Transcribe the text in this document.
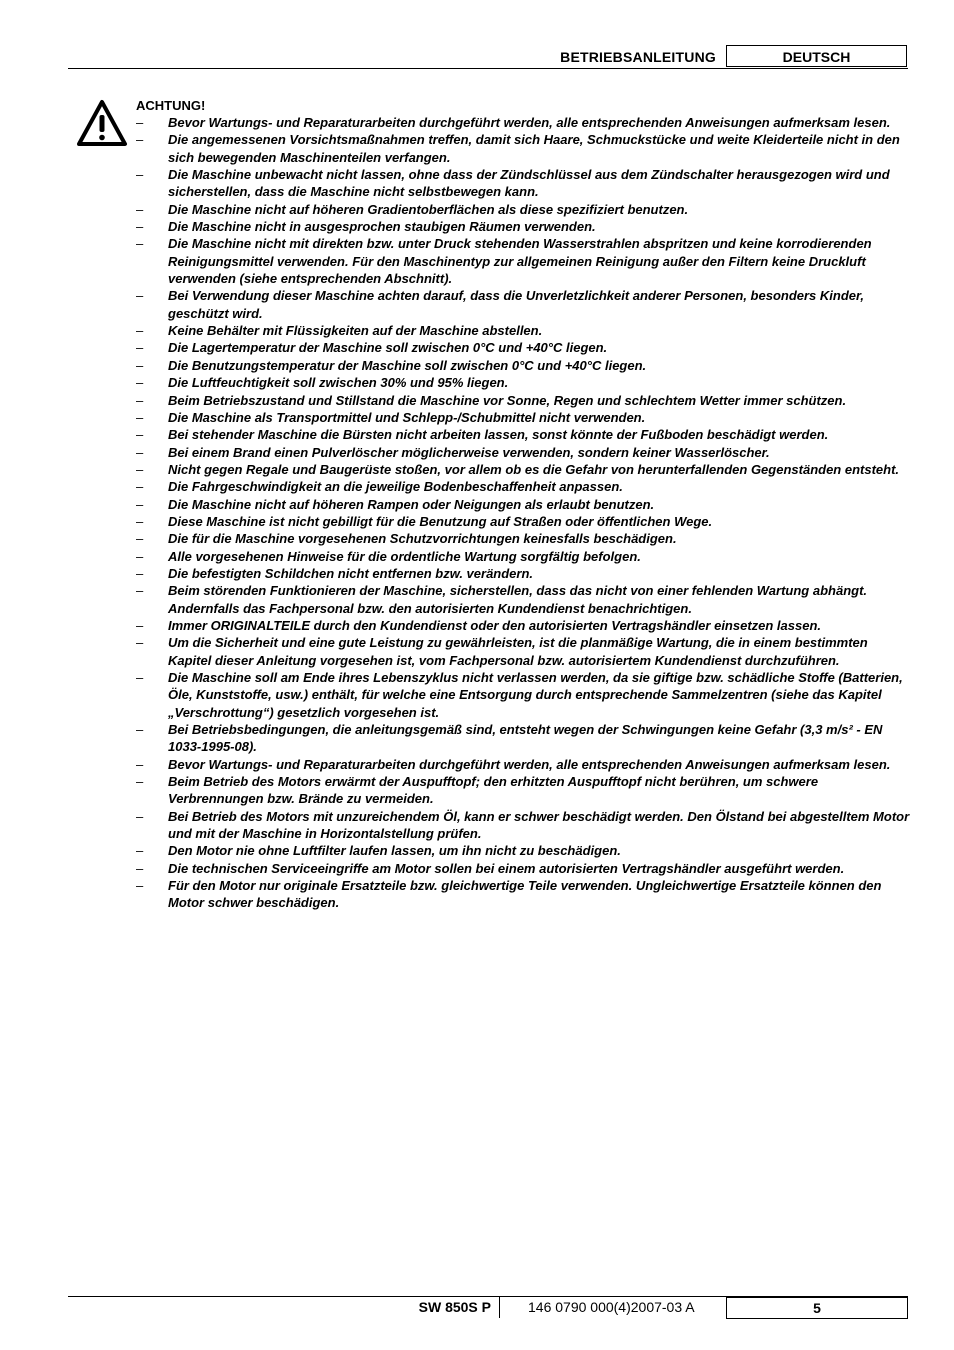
BETRIEBSANLEITUNG	DEUTSCH

ACHTUNG!

– Bevor Wartungs- und Reparaturarbeiten durchgeführt werden, alle entsprechenden Anweisungen aufmerksam lesen.
– Die angemessenen Vorsichtsmaßnahmen treffen, damit sich Haare, Schmuckstücke und weite Kleiderteile nicht in den sich bewegenden Maschinenteilen verfangen.
– Die Maschine unbewacht nicht lassen, ohne dass der Zündschlüssel aus dem Zündschalter herausgezogen wird und sicherstellen, dass die Maschine nicht selbstbewegen kann.
– Die Maschine nicht auf höheren Gradientoberflächen als diese spezifiziert benutzen.
– Die Maschine nicht in ausgesprochen staubigen Räumen verwenden.
– Die Maschine nicht mit direkten bzw. unter Druck stehenden Wasserstrahlen abspritzen und keine korrodierenden Reinigungsmittel verwenden. Für den Maschinentyp zur allgemeinen Reinigung außer den Filtern keine Druckluft verwenden (siehe entsprechenden Abschnitt).
– Bei Verwendung dieser Maschine achten darauf, dass die Unverletzlichkeit anderer Personen, besonders Kinder, geschützt wird.
– Keine Behälter mit Flüssigkeiten auf der Maschine abstellen.
– Die Lagertemperatur der Maschine soll zwischen 0°C und +40°C liegen.
– Die Benutzungstemperatur der Maschine soll zwischen 0°C und +40°C liegen.
– Die Luftfeuchtigkeit soll zwischen 30% und 95% liegen.
– Beim Betriebszustand und Stillstand die Maschine vor Sonne, Regen und schlechtem Wetter immer schützen.
– Die Maschine als Transportmittel und Schlepp-/Schubmittel nicht verwenden.
– Bei stehender Maschine die Bürsten nicht arbeiten lassen, sonst könnte der Fußboden beschädigt werden.
– Bei einem Brand einen Pulverlöscher möglicherweise verwenden, sondern keiner Wasserlöscher.
– Nicht gegen Regale und Baugerüste stoßen, vor allem ob es die Gefahr von herunterfallenden Gegenständen entsteht.
– Die Fahrgeschwindigkeit an die jeweilige Bodenbeschaffenheit anpassen.
– Die Maschine nicht auf höheren Rampen oder Neigungen als erlaubt benutzen.
– Diese Maschine ist nicht gebilligt für die Benutzung auf Straßen oder öffentlichen Wege.
– Die für die Maschine vorgesehenen Schutzvorrichtungen keinesfalls beschädigen.
– Alle vorgesehenen Hinweise für die ordentliche Wartung sorgfältig befolgen.
– Die befestigten Schildchen nicht entfernen bzw. verändern.
– Beim störenden Funktionieren der Maschine, sicherstellen, dass das nicht von einer fehlenden Wartung abhängt. Andernfalls das Fachpersonal bzw. den autorisierten Kundendienst benachrichtigen.
– Immer ORIGINALTEILE durch den Kundendienst oder den autorisierten Vertragshändler einsetzen lassen.
– Um die Sicherheit und eine gute Leistung zu gewährleisten, ist die planmäßige Wartung, die in einem bestimmten Kapitel dieser Anleitung vorgesehen ist, vom Fachpersonal bzw. autorisiertem Kundendienst durchzuführen.
– Die Maschine soll am Ende ihres Lebenszyklus nicht verlassen werden, da sie giftige bzw. schädliche Stoffe (Batterien, Öle, Kunststoffe, usw.) enthält, für welche eine Entsorgung durch entsprechende Sammelzentren (siehe das Kapitel „Verschrottung“) gesetzlich vorgesehen ist.
– Bei Betriebsbedingungen, die anleitungsgemäß sind, entsteht wegen der Schwingungen keine Gefahr (3,3 m/s² - EN 1033-1995-08).
– Bevor Wartungs- und Reparaturarbeiten durchgeführt werden, alle entsprechenden Anweisungen aufmerksam lesen.
– Beim Betrieb des Motors erwärmt der Auspufftopf; den erhitzten Auspufftopf nicht berühren, um schwere Verbrennungen bzw. Brände zu vermeiden.
– Bei Betrieb des Motors mit unzureichendem Öl, kann er schwer beschädigt werden. Den Ölstand bei abgestelltem Motor und mit der Maschine in Horizontalstellung prüfen.
– Den Motor nie ohne Luftfilter laufen lassen, um ihn nicht zu beschädigen.
– Die technischen Serviceeingriffe am Motor sollen bei einem autorisierten Vertragshändler ausgeführt werden.
– Für den Motor nur originale Ersatzteile bzw. gleichwertige Teile verwenden. Ungleichwertige Ersatzteile können den Motor schwer beschädigen.
SW 850S P	146 0790 000(4)2007-03 A	5
